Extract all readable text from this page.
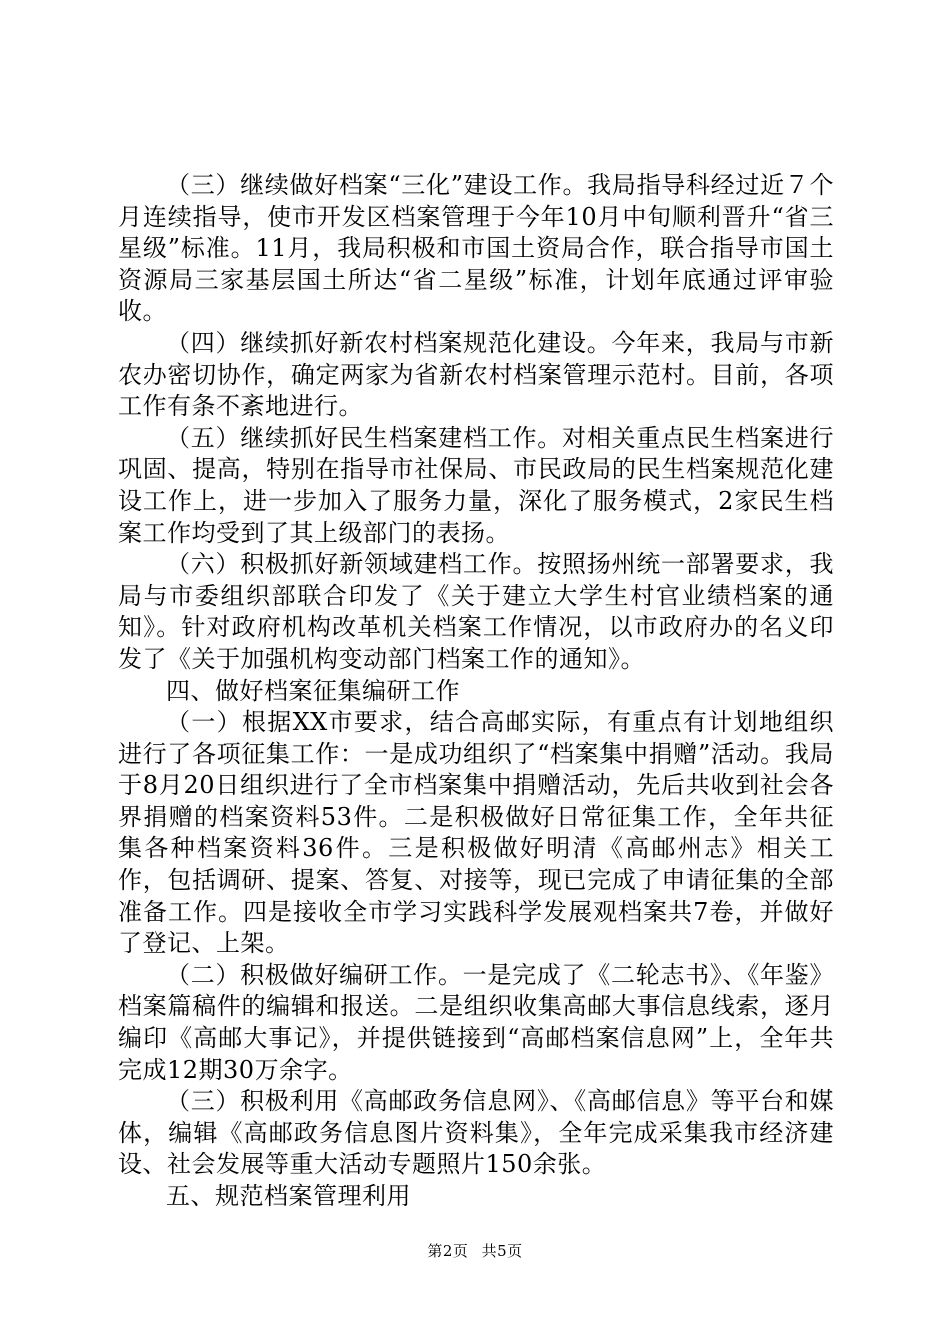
（三）继续做好档案“三化”建设工作。我局指导科经过近７个月连续指导，使市开发区档案管理于今年10月中旬顺利晋升“省三星级”标准。11月，我局积极和市国土资局合作，联合指导市国土资源局三家基层国土所达“省二星级”标准，计划年底通过评审验收。

（四）继续抓好新农村档案规范化建设。今年来，我局与市新农办密切协作，确定两家为省新农村档案管理示范村。目前，各项工作有条不紊地进行。

（五）继续抓好民生档案建档工作。对相关重点民生档案进行巩固、提高，特别在指导市社保局、市民政局的民生档案规范化建设工作上，进一步加入了服务力量，深化了服务模式，2家民生档案工作均受到了其上级部门的表扬。

（六）积极抓好新领域建档工作。按照扬州统一部署要求，我局与市委组织部联合印发了《关于建立大学生村官业绩档案的通知》。针对政府机构改革机关档案工作情况，以市政府办的名义印发了《关于加强机构变动部门档案工作的通知》。

四、做好档案征集编研工作

（一）根据XX市要求，结合高邮实际，有重点有计划地组织进行了各项征集工作：一是成功组织了“档案集中捐赠”活动。我局于8月20日组织进行了全市档案集中捐赠活动，先后共收到社会各界捐赠的档案资料53件。二是积极做好日常征集工作，全年共征集各种档案资料36件。三是积极做好明清《高邮州志》相关工作，包括调研、提案、答复、对接等，现已完成了申请征集的全部准备工作。四是接收全市学习实践科学发展观档案共7卷，并做好了登记、上架。

（二）积极做好编研工作。一是完成了《二轮志书》、《年鉴》档案篇稿件的编辑和报送。二是组织收集高邮大事信息线索，逐月编印《高邮大事记》，并提供链接到“高邮档案信息网”上，全年共完成12期30万余字。

（三）积极利用《高邮政务信息网》、《高邮信息》等平台和媒体，编辑《高邮政务信息图片资料集》，全年完成采集我市经济建设、社会发展等重大活动专题照片150余张。

五、规范档案管理利用

第2页 共5页
